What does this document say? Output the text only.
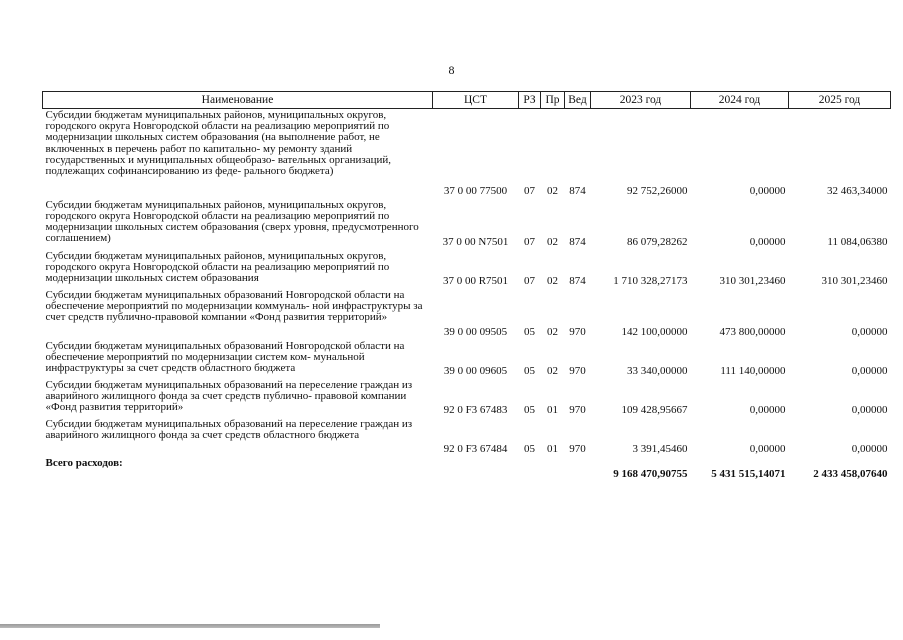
8
Наименование	ЦСТ	РЗ	Пр	Вед	2023 год	2024 год	2025 год
Субсидии бюджетам муниципальных районов, муниципальных округов, городского округа Новгородской области на реализацию мероприятий по модернизации школьных систем образования (на выполнение работ, не включенных в перечень работ по капитально- му ремонту зданий государственных и муниципальных общеобразо- вательных организаций, подлежащих софинансированию из феде- рального бюджета)	37 0 00 77500	07	02	874	92 752,26000	0,00000	32 463,34000
Субсидии бюджетам муниципальных районов, муниципальных округов, городского округа Новгородской области на реализацию мероприятий по модернизации школьных систем образования (сверх уровня, предусмотренного соглашением)	37 0 00 N7501	07	02	874	86 079,28262	0,00000	11 084,06380
Субсидии бюджетам муниципальных районов, муниципальных округов, городского округа Новгородской области на реализацию мероприятий по модернизации школьных систем образования	37 0 00 R7501	07	02	874	1 710 328,27173	310 301,23460	310 301,23460
Субсидии бюджетам муниципальных образований Новгородской области на обеспечение мероприятий по модернизации коммуналь- ной инфраструктуры за счет средств публично-правовой компании «Фонд развития территорий»	39 0 00 09505	05	02	970	142 100,00000	473 800,00000	0,00000
Субсидии бюджетам муниципальных образований Новгородской области на обеспечение мероприятий по модернизации систем ком- мунальной инфраструктуры за счет средств областного бюджета	39 0 00 09605	05	02	970	33 340,00000	111 140,00000	0,00000
Субсидии бюджетам муниципальных образований на переселение граждан из аварийного жилищного фонда за счет средств публично- правовой компании «Фонд развития территорий»	92 0 F3 67483	05	01	970	109 428,95667	0,00000	0,00000
Субсидии бюджетам муниципальных образований на переселение граждан из аварийного жилищного фонда за счет средств областного бюджета	92 0 F3 67484	05	01	970	3 391,45460	0,00000	0,00000
Всего расходов:					9 168 470,90755	5 431 515,14071	2 433 458,07640
